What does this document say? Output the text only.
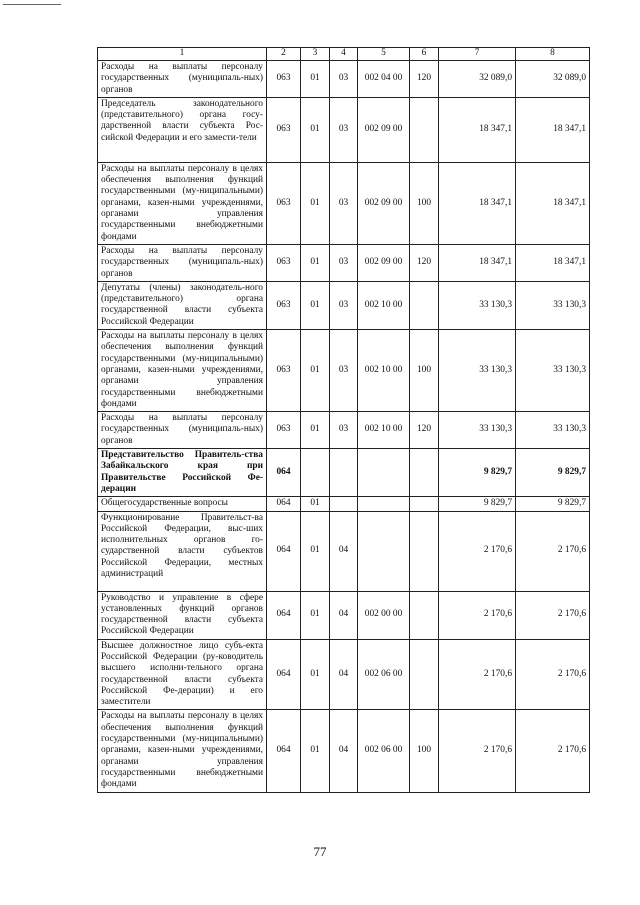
1	2	3	4	5	6	7	8
Расходы на выплаты персоналу государственных (муниципаль-ных) органов	063	01	03	002 04 00	120	32 089,0	32 089,0
Председатель законодательного (представительного) органа госу-дарственной власти субъекта Рос-сийской Федерации и его замести-тели	063	01	03	002 09 00		18 347,1	18 347,1
Расходы на выплаты персоналу в целях обеспечения выполнения функций государственными (му-ниципальными) органами, казен-ными учреждениями, органами управления государственными внебюджетными фондами	063	01	03	002 09 00	100	18 347,1	18 347,1
Расходы на выплаты персоналу государственных (муниципаль-ных) органов	063	01	03	002 09 00	120	18 347,1	18 347,1
Депутаты (члены) законодатель-ного (представительного) органа государственной власти субъекта Российской Федерации	063	01	03	002 10 00		33 130,3	33 130,3
Расходы на выплаты персоналу в целях обеспечения выполнения функций государственными (му-ниципальными) органами, казен-ными учреждениями, органами управления государственными внебюджетными фондами	063	01	03	002 10 00	100	33 130,3	33 130,3
Расходы на выплаты персоналу государственных (муниципаль-ных) органов	063	01	03	002 10 00	120	33 130,3	33 130,3
Представительство Правитель-ства Забайкальского края при Правительстве Российской Фе-дерации	064					9 829,7	9 829,7
Общегосударственные вопросы	064	01				9 829,7	9 829,7
Функционирование Правительст-ва Российской Федерации, выс-ших исполнительных органов го-сударственной власти субъектов Российской Федерации, местных администраций	064	01	04			2 170,6	2 170,6
Руководство и управление в сфере установленных функций органов государственной власти субъекта Российской Федерации	064	01	04	002 00 00		2 170,6	2 170,6
Высшее должностное лицо субъ-екта Российской Федерации (ру-ководитель высшего исполни-тельного органа государственной власти субъекта Российской Фе-дерации) и его заместители	064	01	04	002 06 00		2 170,6	2 170,6
Расходы на выплаты персоналу в целях обеспечения выполнения функций государственными (му-ниципальными) органами, казен-ными учреждениями, органами управления государственными внебюджетными фондами	064	01	04	002 06 00	100	2 170,6	2 170,6
77
